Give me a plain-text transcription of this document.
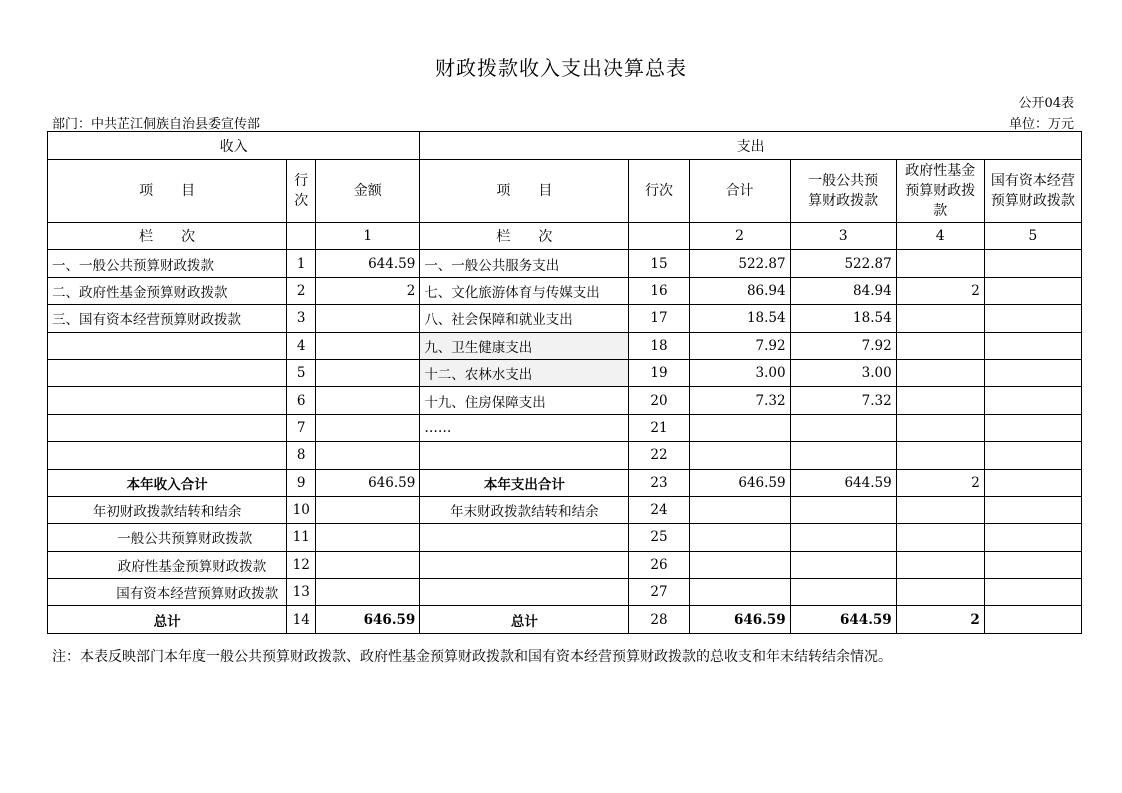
财政拨款收入支出决算总表
公开04表
部门：中共芷江侗族自治县委宣传部	单位：万元
收入			支出					
项　　目	行次	金额	项　　目	行次	合计	一般公共预算财政拨款	政府性基金预算财政拨款	国有资本经营预算财政拨款
栏　　次		1	栏　　次		2	3	4	5
一、一般公共预算财政拨款	1	644.59	一、一般公共服务支出	15	522.87	522.87		
二、政府性基金预算财政拨款	2	2	七、文化旅游体育与传媒支出	16	86.94	84.94	2	
三、国有资本经营预算财政拨款	3		八、社会保障和就业支出	17	18.54	18.54		
	4		九、卫生健康支出	18	7.92	7.92		
	5		十二、农林水支出	19	3.00	3.00		
	6		十九、住房保障支出	20	7.32	7.32		
	7		……	21				
	8			22				
本年收入合计	9	646.59	本年支出合计	23	646.59	644.59	2	
年初财政拨款结转和结余	10		年末财政拨款结转和结余	24				
一般公共预算财政拨款	11			25				
政府性基金预算财政拨款	12			26				
国有资本经营预算财政拨款	13			27				
总计	14	646.59	总计	28	646.59	644.59	2	
注：本表反映部门本年度一般公共预算财政拨款、政府性基金预算财政拨款和国有资本经营预算财政拨款的总收支和年末结转结余情况。
